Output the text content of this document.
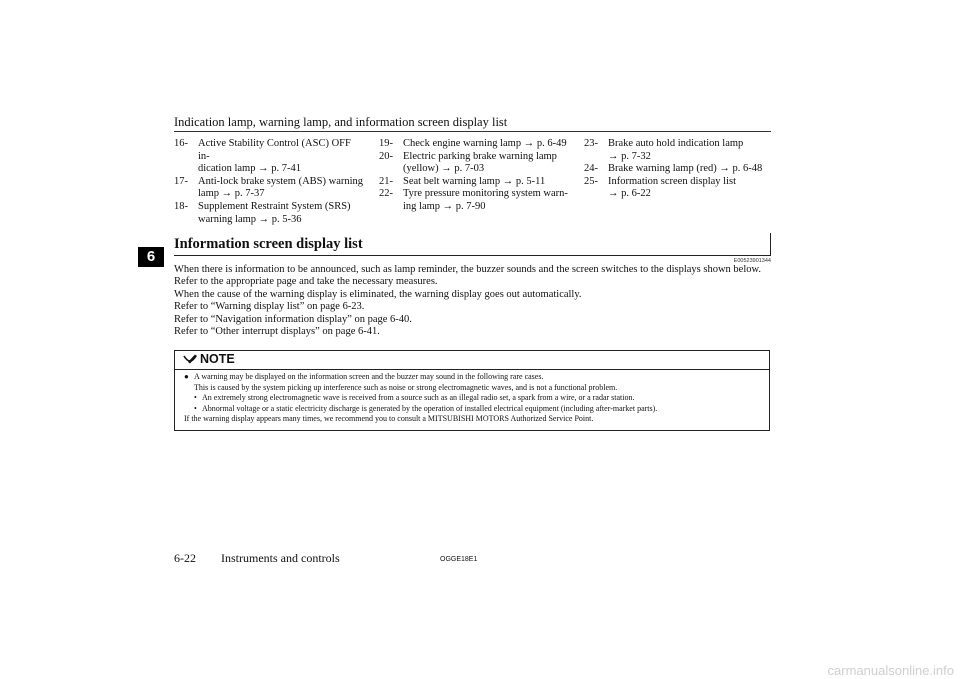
Indication lamp, warning lamp, and information screen display list
16- Active Stability Control (ASC) OFF in-
dication lamp → p. 7-41
17- Anti-lock brake system (ABS) warning
lamp → p. 7-37
18- Supplement Restraint System (SRS)
warning lamp → p. 5-36
19- Check engine warning lamp → p. 6-49
20- Electric parking brake warning lamp
(yellow) → p. 7-03
21- Seat belt warning lamp → p. 5-11
22- Tyre pressure monitoring system warn-
ing lamp → p. 7-90
23- Brake auto hold indication lamp
→ p. 7-32
24- Brake warning lamp (red) → p. 6-48
25- Information screen display list
→ p. 6-22
6
Information screen display list
E00523901344

When there is information to be announced, such as lamp reminder, the buzzer sounds and the screen switches to the displays shown below.

Refer to the appropriate page and take the necessary measures.

When the cause of the warning display is eliminated, the warning display goes out automatically.

Refer to “Warning display list” on page 6-23.

Refer to “Navigation information display” on page 6-40.

Refer to “Other interrupt displays” on page 6-41.

NOTE
● A warning may be displayed on the information screen and the buzzer may sound in the following rare cases.
This is caused by the system picking up interference such as noise or strong electromagnetic waves, and is not a functional problem.
• An extremely strong electromagnetic wave is received from a source such as an illegal radio set, a spark from a wire, or a radar station.
• Abnormal voltage or a static electricity discharge is generated by the operation of installed electrical equipment (including after-market parts).
If the warning display appears many times, we recommend you to consult a MITSUBISHI MOTORS Authorized Service Point.
6-22 Instruments and controls	OGGE18E1
carmanualsonline.info
